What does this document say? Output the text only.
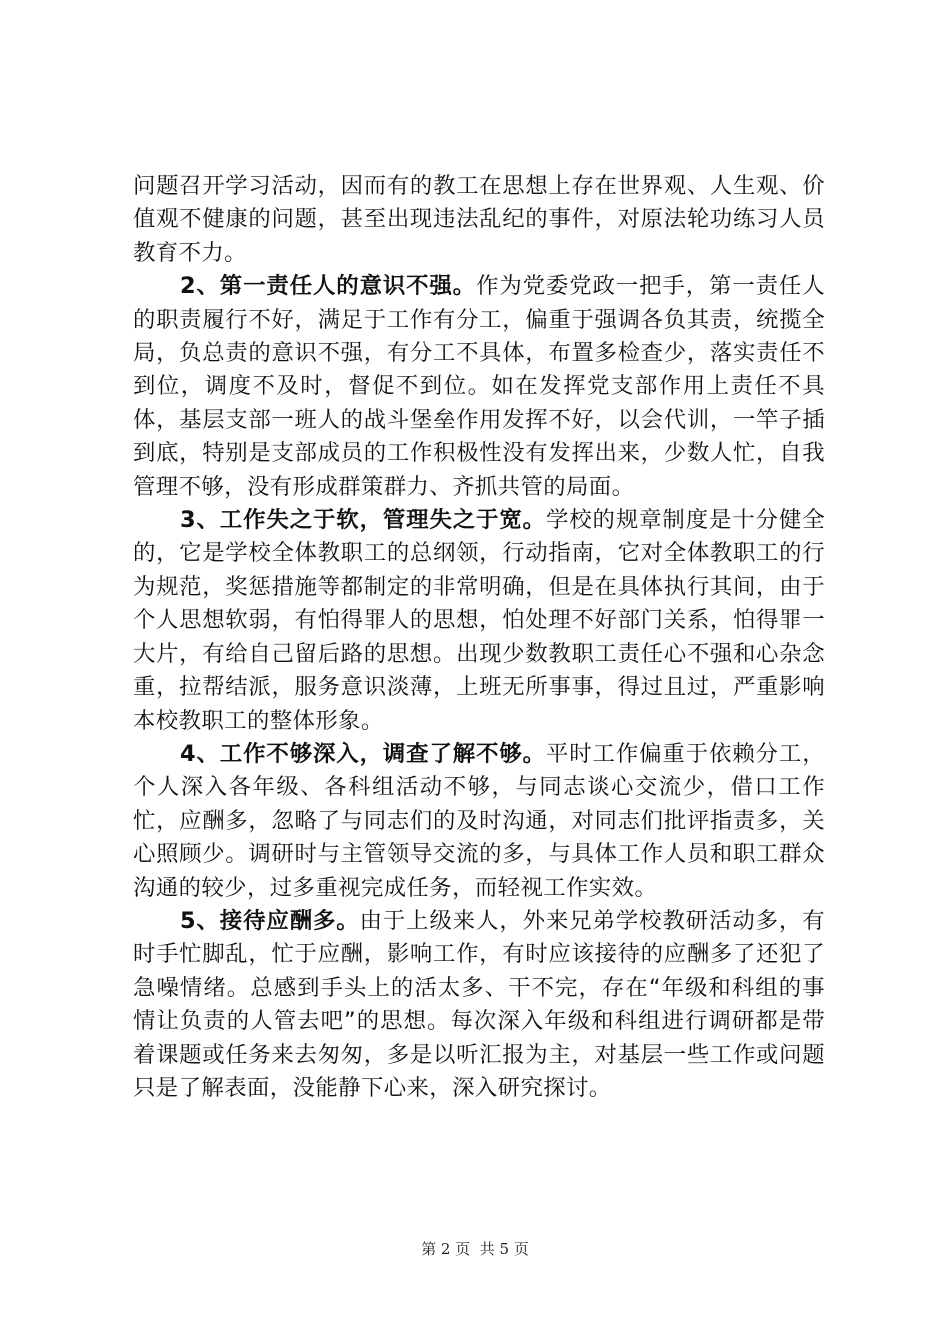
问题召开学习活动，因而有的教工在思想上存在世界观、人生观、价值观不健康的问题，甚至出现违法乱纪的事件，对原法轮功练习人员教育不力。

2、第一责任人的意识不强。作为党委党政一把手，第一责任人的职责履行不好，满足于工作有分工，偏重于强调各负其责，统揽全局，负总责的意识不强，有分工不具体，布置多检查少，落实责任不到位，调度不及时，督促不到位。如在发挥党支部作用上责任不具体，基层支部一班人的战斗堡垒作用发挥不好，以会代训，一竿子插到底，特别是支部成员的工作积极性没有发挥出来，少数人忙，自我管理不够，没有形成群策群力、齐抓共管的局面。

3、工作失之于软，管理失之于宽。学校的规章制度是十分健全的，它是学校全体教职工的总纲领，行动指南，它对全体教职工的行为规范，奖惩措施等都制定的非常明确，但是在具体执行其间，由于个人思想软弱，有怕得罪人的思想，怕处理不好部门关系，怕得罪一大片，有给自己留后路的思想。出现少数教职工责任心不强和心杂念重，拉帮结派，服务意识淡薄，上班无所事事，得过且过，严重影响本校教职工的整体形象。

4、工作不够深入，调查了解不够。平时工作偏重于依赖分工，个人深入各年级、各科组活动不够，与同志谈心交流少，借口工作忙，应酬多，忽略了与同志们的及时沟通，对同志们批评指责多，关心照顾少。调研时与主管领导交流的多，与具体工作人员和职工群众沟通的较少，过多重视完成任务，而轻视工作实效。

5、接待应酬多。由于上级来人，外来兄弟学校教研活动多，有时手忙脚乱，忙于应酬，影响工作，有时应该接待的应酬多了还犯了急噪情绪。总感到手头上的活太多、干不完，存在“年级和科组的事情让负责的人管去吧”的思想。每次深入年级和科组进行调研都是带着课题或任务来去匆匆，多是以听汇报为主，对基层一些工作或问题只是了解表面，没能静下心来，深入研究探讨。

第 2 页  共 5 页
